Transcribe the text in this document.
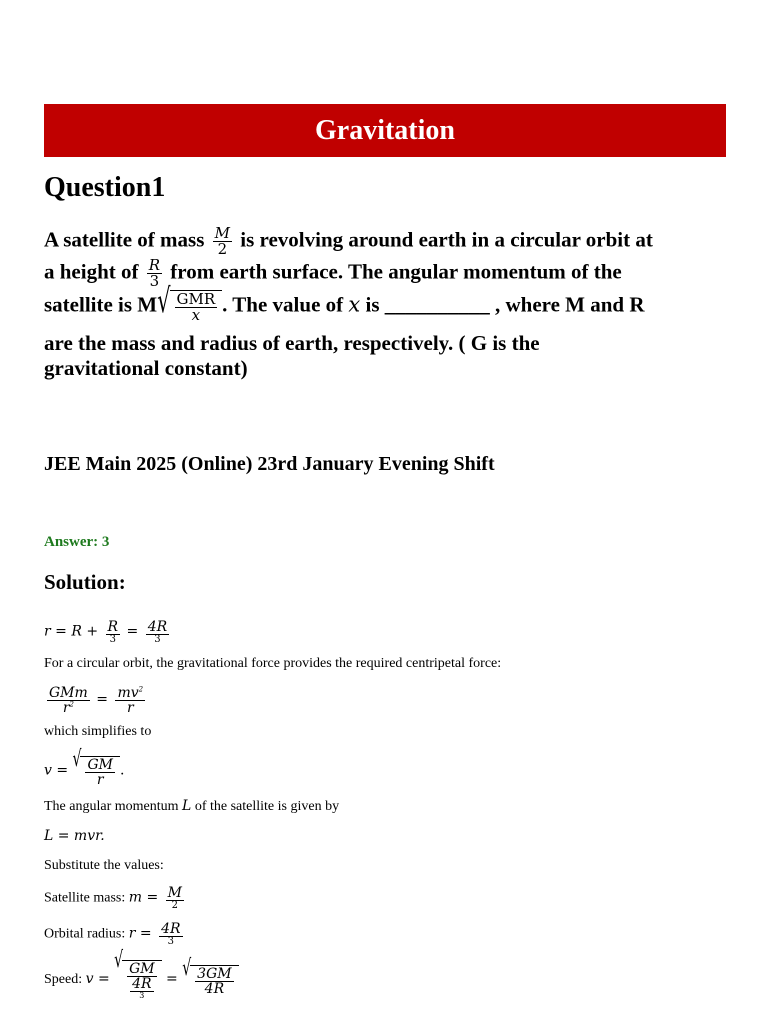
Gravitation
Question1
A satellite of mass $\frac{M}{2}$ is revolving around earth in a circular orbit at
a height of $\frac{R}{3}$ from earth surface. The angular momentum of the
satellite is M √ $\frac{\text{GMR}}{x}$ . The value of x is __________ , where M and R
are the mass and radius of earth, respectively. ( G is the
gravitational constant)
JEE Main 2025 (Online) 23rd January Evening Shift
Answer: 3
Solution:
$r = R + \frac{R}{3} = \frac{4R}{3}$
For a circular orbit, the gravitational force provides the required centripetal force:
$\frac{\text{GMm}}{r^2} = \frac{mv^2}{r}$
which simplifies to
v = √ $\frac{GM}{r}$ .
The angular momentum L of the satellite is given by
L = mvr.
Substitute the values:
Satellite mass: $m = \frac{M}{2}$
Orbital radius: $r = \frac{4R}{3}$
Speed: v =
√
$\frac{GM}{\frac{4R}{3}}$ = √ $\frac{3GM}{4R}$
